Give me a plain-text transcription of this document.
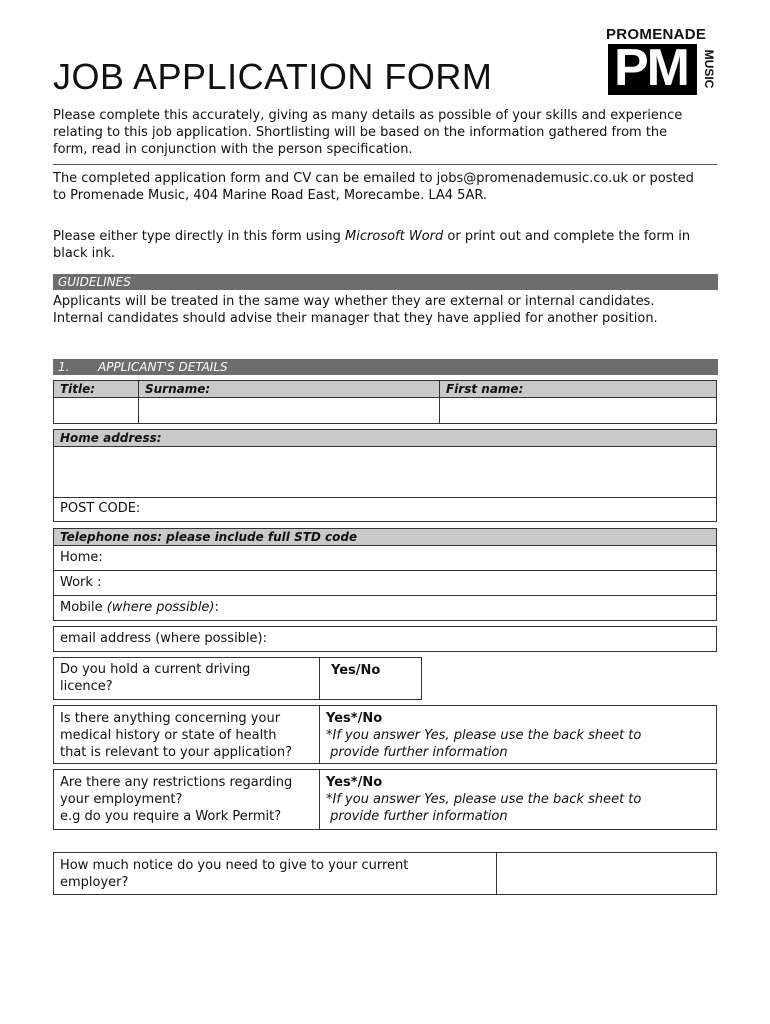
PROMENADE
PM MUSIC
JOB APPLICATION FORM
Please complete this accurately, giving as many details as possible of your skills and experience
relating to this job application. Shortlisting will be based on the information gathered from the
form, read in conjunction with the person specification.
The completed application form and CV can be emailed to jobs@promenademusic.co.uk or posted
to Promenade Music, 404 Marine Road East, Morecambe. LA4 5AR.
Please either type directly in this form using Microsoft Word or print out and complete the form in
black ink.
GUIDELINES
Applicants will be treated in the same way whether they are external or internal candidates.
Internal candidates should advise their manager that they have applied for another position.
1. APPLICANT'S DETAILS
Title:	Surname:	First name:
Home address:
POST CODE:
Telephone nos: please include full STD code
Home:
Work :
Mobile (where possible):
email address (where possible):
Do you hold a current driving
licence?
Yes/No
Is there anything concerning your
medical history or state of health
that is relevant to your application?
Yes*/No
*If you answer Yes, please use the back sheet to
provide further information
Are there any restrictions regarding
your employment?
e.g do you require a Work Permit?
Yes*/No
*If you answer Yes, please use the back sheet to
provide further information
How much notice do you need to give to your current
employer?
